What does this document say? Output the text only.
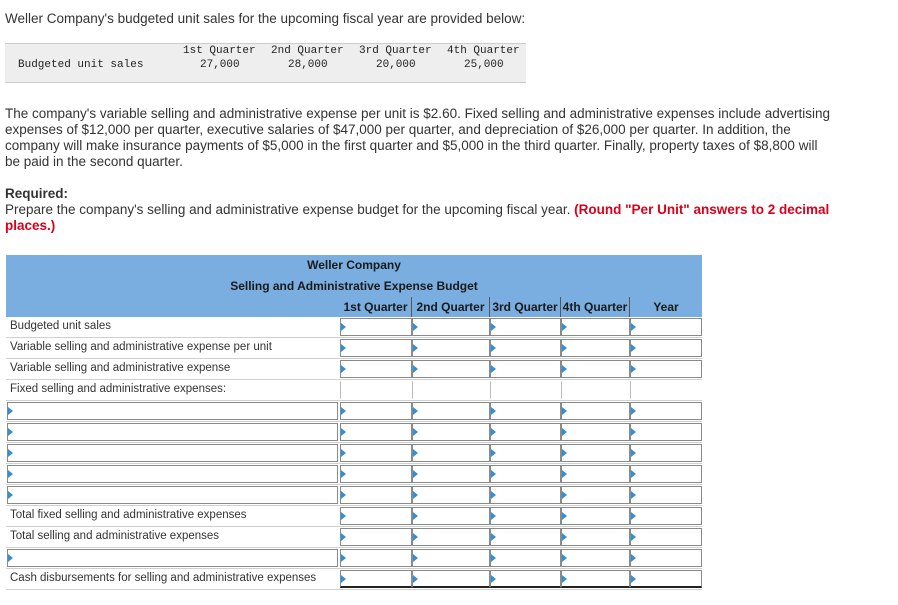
Weller Company's budgeted unit sales for the upcoming fiscal year are provided below:
1st Quarter 2nd Quarter 3rd Quarter 4th Quarter
Budgeted unit sales	27,000	28,000	20,000	25,000
The company's variable selling and administrative expense per unit is $2.60. Fixed selling and administrative expenses include advertising expenses of $12,000 per quarter, executive salaries of $47,000 per quarter, and depreciation of $26,000 per quarter. In addition, the company will make insurance payments of $5,000 in the first quarter and $5,000 in the third quarter. Finally, property taxes of $8,800 will be paid in the second quarter.
Required:
Prepare the company's selling and administrative expense budget for the upcoming fiscal year. (Round "Per Unit" answers to 2 decimal places.)
Weller Company
Selling and Administrative Expense Budget
1st Quarter 2nd Quarter 3rd Quarter 4th Quarter	Year
Budgeted unit sales
Variable selling and administrative expense per unit
Variable selling and administrative expense
Fixed selling and administrative expenses:
Total fixed selling and administrative expenses
Total selling and administrative expenses
Cash disbursements for selling and administrative expenses
